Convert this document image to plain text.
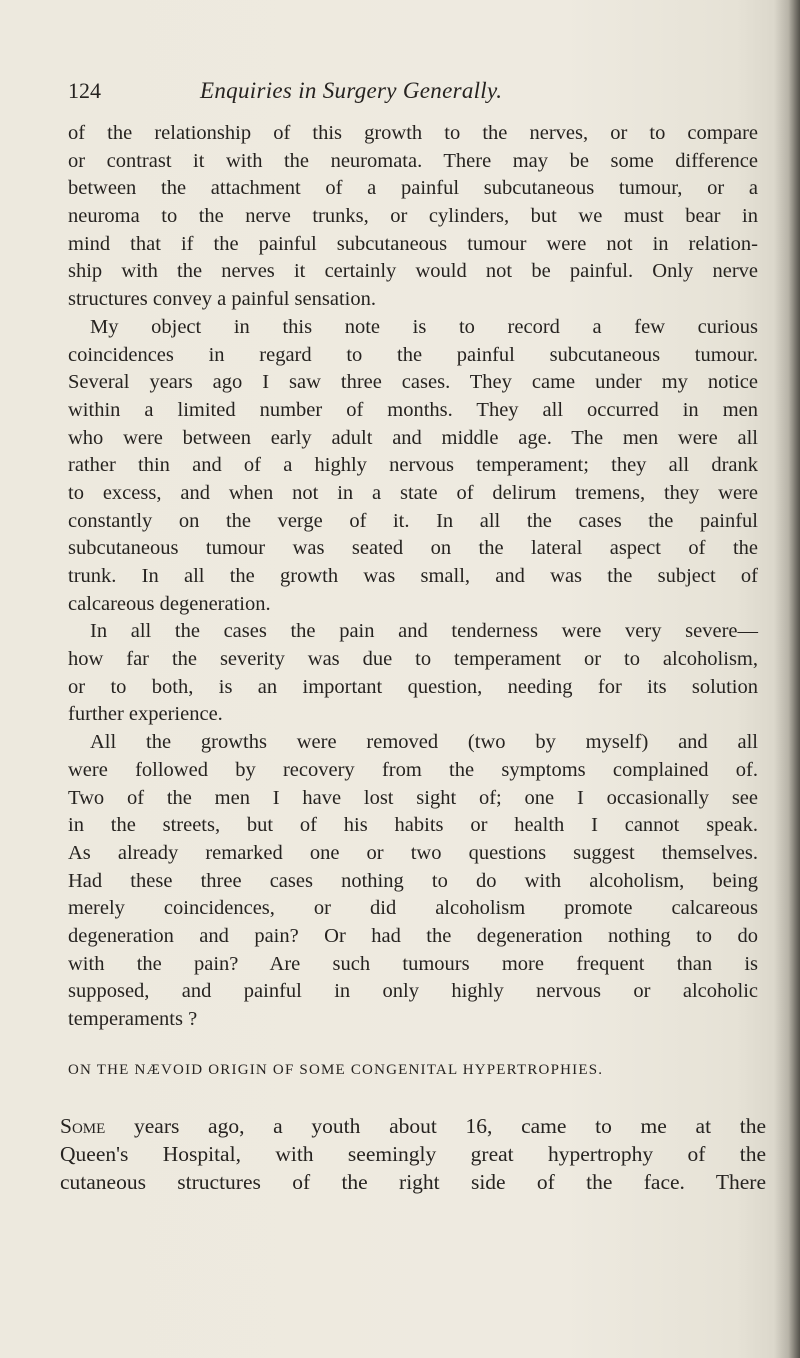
124	Enquiries in Surgery Generally.
of the relationship of this growth to the nerves, or to compare
or contrast it with the neuromata. There may be some difference
between the attachment of a painful subcutaneous tumour, or a
neuroma to the nerve trunks, or cylinders, but we must bear in
mind that if the painful subcutaneous tumour were not in relation-
ship with the nerves it certainly would not be painful. Only nerve
structures convey a painful sensation.
My object in this note is to record a few curious
coincidences in regard to the painful subcutaneous tumour.
Several years ago I saw three cases. They came under my notice
within a limited number of months. They all occurred in men
who were between early adult and middle age. The men were all
rather thin and of a highly nervous temperament; they all drank
to excess, and when not in a state of delirum tremens, they were
constantly on the verge of it. In all the cases the painful
subcutaneous tumour was seated on the lateral aspect of the
trunk. In all the growth was small, and was the subject of
calcareous degeneration.
In all the cases the pain and tenderness were very severe—
how far the severity was due to temperament or to alcoholism,
or to both, is an important question, needing for its solution
further experience.
All the growths were removed (two by myself) and all
were followed by recovery from the symptoms complained of.
Two of the men I have lost sight of; one I occasionally see
in the streets, but of his habits or health I cannot speak.
As already remarked one or two questions suggest themselves.
Had these three cases nothing to do with alcoholism, being
merely coincidences, or did alcoholism promote calcareous
degeneration and pain? Or had the degeneration nothing to do
with the pain? Are such tumours more frequent than is
supposed, and painful in only highly nervous or alcoholic
temperaments ?
ON THE NÆVOID ORIGIN OF SOME CONGENITAL HYPERTROPHIES.
Some years ago, a youth about 16, came to me at the
Queen's Hospital, with seemingly great hypertrophy of the
cutaneous structures of the right side of the face. There
